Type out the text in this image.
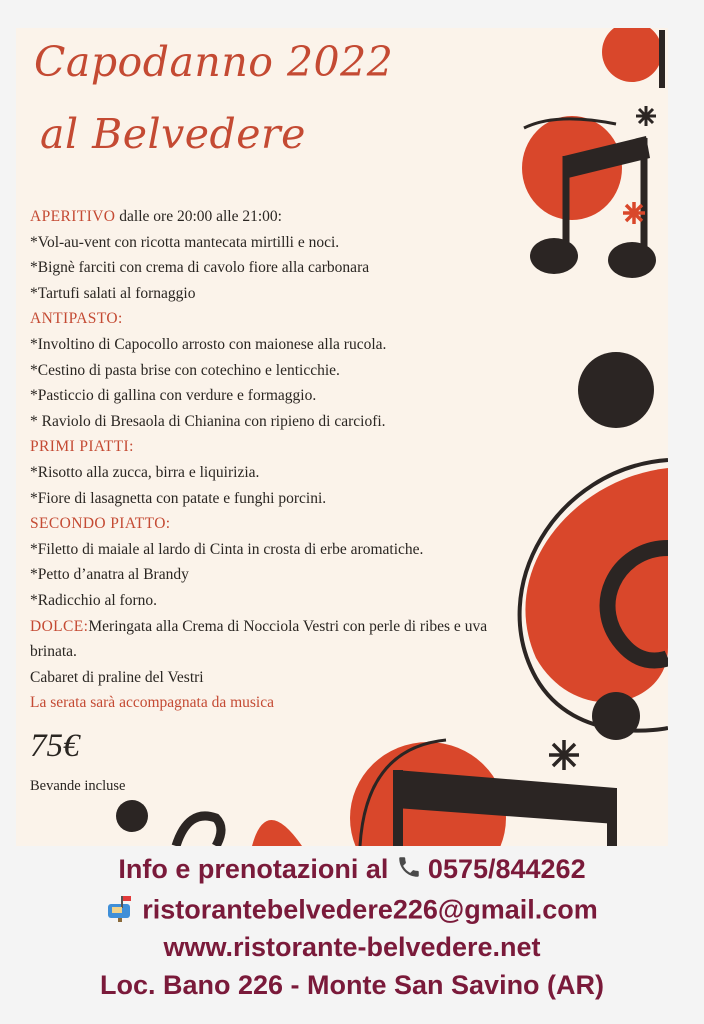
Capodanno 2022
al Belvedere
APERITIVO dalle ore 20:00 alle 21:00:
*Vol-au-vent con ricotta mantecata mirtilli e noci.
*Bignè farciti con crema di cavolo fiore alla carbonara
*Tartufi salati al fornaggio
ANTIPASTO:
*Involtino di Capocollo arrosto con maionese alla rucola.
*Cestino di pasta brise con cotechino e lenticchie.
*Pasticcio di gallina con verdure e formaggio.
* Raviolo di Bresaola di Chianina con ripieno di carciofi.
PRIMI PIATTI:
*Risotto alla zucca, birra e liquirizia.
*Fiore di lasagnetta con patate e funghi porcini.
SECONDO PIATTO:
*Filetto di maiale al lardo di Cinta in crosta di erbe aromatiche.
*Petto d’anatra al Brandy
*Radicchio al forno.
DOLCE:Meringata alla Crema di Nocciola Vestri con perle di ribes e uva
brinata.
Cabaret di praline del Vestri
La serata sarà accompagnata da musica
75€
Bevande incluse
Info e prenotazioni al 0575/844262
ristorantebelvedere226@gmail.com
www.ristorante-belvedere.net
Loc. Bano 226 - Monte San Savino (AR)
